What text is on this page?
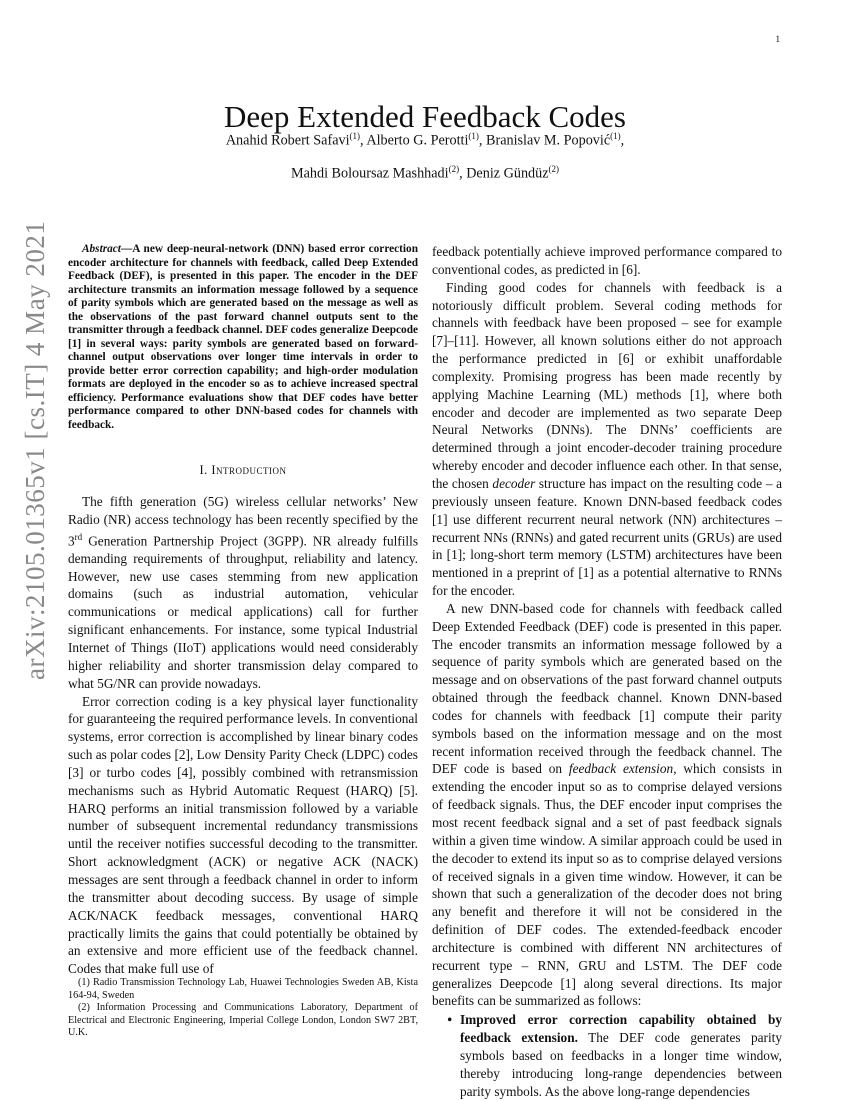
1
arXiv:2105.01365v1 [cs.IT] 4 May 2021
Deep Extended Feedback Codes
Anahid Robert Safavi$^{(1)}$, Alberto G. Perotti$^{(1)}$, Branislav M. Popović$^{(1)}$,
Mahdi Boloursaz Mashhadi$^{(2)}$, Deniz Gündüz$^{(2)}$

Abstract—A new deep-neural-network (DNN) based error correction encoder architecture for channels with feedback, called Deep Extended Feedback (DEF), is presented in this paper. The encoder in the DEF architecture transmits an information message followed by a sequence of parity symbols which are generated based on the message as well as the observations of the past forward channel outputs sent to the transmitter through a feedback channel. DEF codes generalize Deepcode [1] in several ways: parity symbols are generated based on forward-channel output observations over longer time intervals in order to provide better error correction capability; and high-order modulation formats are deployed in the encoder so as to achieve increased spectral efficiency. Performance evaluations show that DEF codes have better performance compared to other DNN-based codes for channels with feedback.

I. Introduction

The fifth generation (5G) wireless cellular networks’ New Radio (NR) access technology has been recently specified by the 3rd Generation Partnership Project (3GPP). NR already fulfills demanding requirements of throughput, reliability and latency. However, new use cases stemming from new application domains (such as industrial automation, vehicular communications or medical applications) call for further significant enhancements. For instance, some typical Industrial Internet of Things (IIoT) applications would need considerably higher reliability and shorter transmission delay compared to what 5G/NR can provide nowadays.

Error correction coding is a key physical layer functionality for guaranteeing the required performance levels. In conventional systems, error correction is accomplished by linear binary codes such as polar codes [2], Low Density Parity Check (LDPC) codes [3] or turbo codes [4], possibly combined with retransmission mechanisms such as Hybrid Automatic Request (HARQ) [5]. HARQ performs an initial transmission followed by a variable number of subsequent incremental redundancy transmissions until the receiver notifies successful decoding to the transmitter. Short acknowledgment (ACK) or negative ACK (NACK) messages are sent through a feedback channel in order to inform the transmitter about decoding success. By usage of simple ACK/NACK feedback messages, conventional HARQ practically limits the gains that could potentially be obtained by an extensive and more efficient use of the feedback channel. Codes that make full use of

(1) Radio Transmission Technology Lab, Huawei Technologies Sweden AB, Kista 164-94, Sweden

(2) Information Processing and Communications Laboratory, Department of Electrical and Electronic Engineering, Imperial College London, London SW7 2BT, U.K.

feedback potentially achieve improved performance compared to conventional codes, as predicted in [6].

Finding good codes for channels with feedback is a notoriously difficult problem. Several coding methods for channels with feedback have been proposed – see for example [7]–[11]. However, all known solutions either do not approach the performance predicted in [6] or exhibit unaffordable complexity. Promising progress has been made recently by applying Machine Learning (ML) methods [1], where both encoder and decoder are implemented as two separate Deep Neural Networks (DNNs). The DNNs’ coefficients are determined through a joint encoder-decoder training procedure whereby encoder and decoder influence each other. In that sense, the chosen decoder structure has impact on the resulting code – a previously unseen feature. Known DNN-based feedback codes [1] use different recurrent neural network (NN) architectures – recurrent NNs (RNNs) and gated recurrent units (GRUs) are used in [1]; long-short term memory (LSTM) architectures have been mentioned in a preprint of [1] as a potential alternative to RNNs for the encoder.

A new DNN-based code for channels with feedback called Deep Extended Feedback (DEF) code is presented in this paper. The encoder transmits an information message followed by a sequence of parity symbols which are generated based on the message and on observations of the past forward channel outputs obtained through the feedback channel. Known DNN-based codes for channels with feedback [1] compute their parity symbols based on the information message and on the most recent information received through the feedback channel. The DEF code is based on feedback extension, which consists in extending the encoder input so as to comprise delayed versions of feedback signals. Thus, the DEF encoder input comprises the most recent feedback signal and a set of past feedback signals within a given time window. A similar approach could be used in the decoder to extend its input so as to comprise delayed versions of received signals in a given time window. However, it can be shown that such a generalization of the decoder does not bring any benefit and therefore it will not be considered in the definition of DEF codes. The extended-feedback encoder architecture is combined with different NN architectures of recurrent type – RNN, GRU and LSTM. The DEF code generalizes Deepcode [1] along several directions. Its major benefits can be summarized as follows:

• Improved error correction capability obtained by feedback extension. The DEF code generates parity symbols based on feedbacks in a longer time window, thereby introducing long-range dependencies between parity symbols. As the above long-range dependencies
